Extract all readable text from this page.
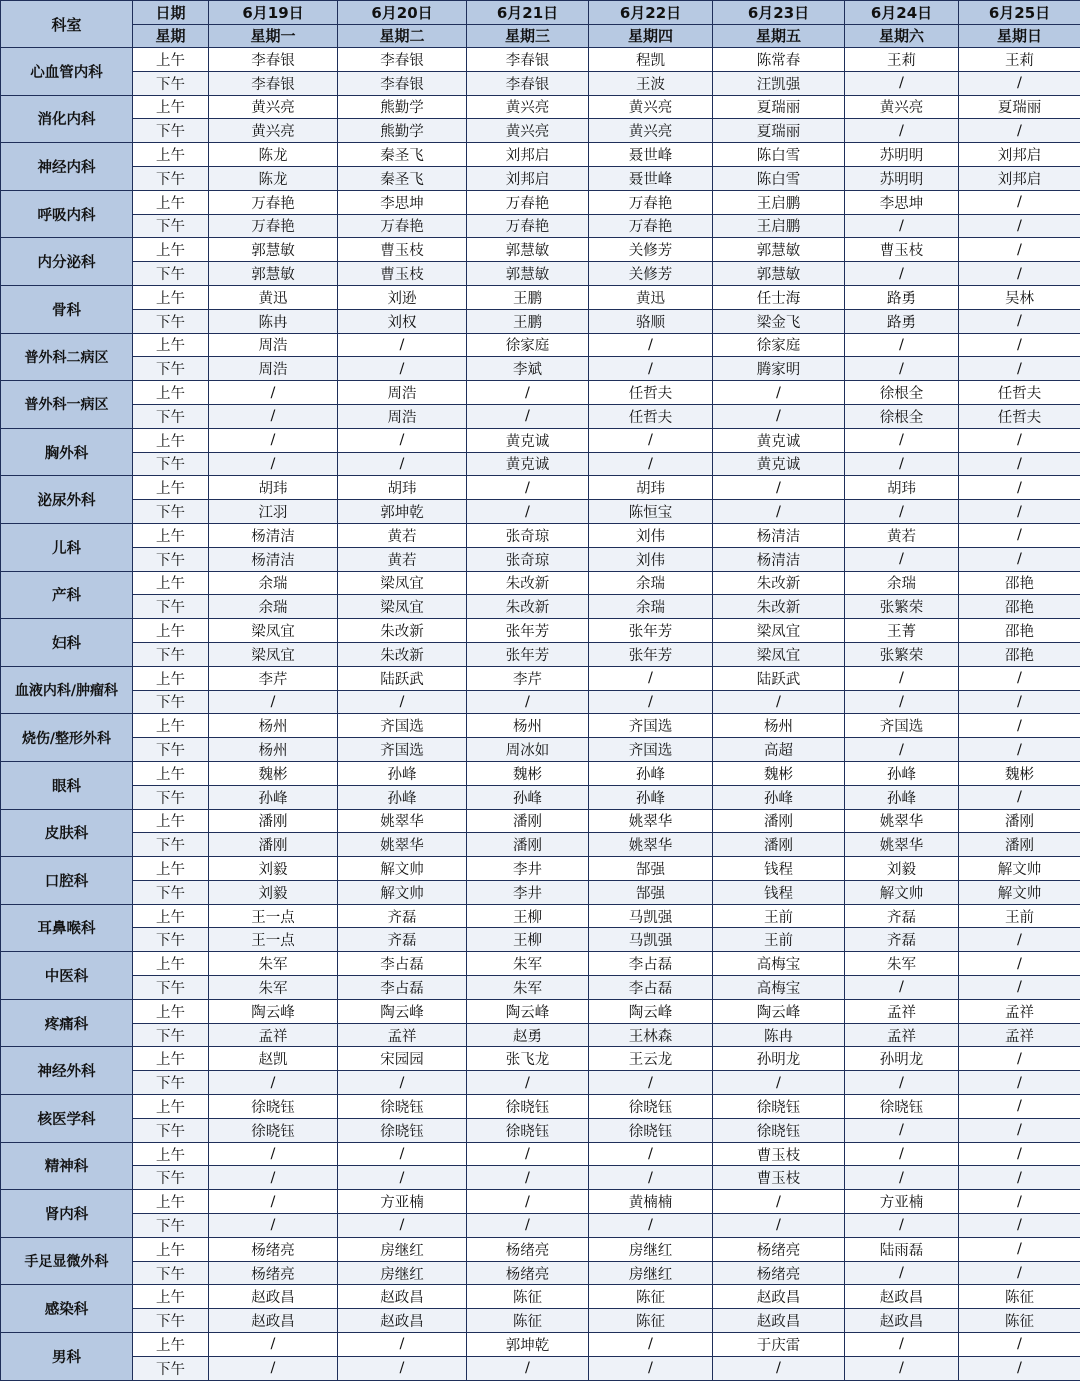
科室	日期	6月19日	6月20日	6月21日	6月22日	6月23日	6月24日	6月25日
	星期	星期一	星期二	星期三	星期四	星期五	星期六	星期日
心血管内科	上午	李春银	李春银	李春银	程凯	陈常春	王莉	王莉
	下午	李春银	李春银	李春银	王波	汪凯强	/	/
消化内科	上午	黄兴亮	熊勤学	黄兴亮	黄兴亮	夏瑞丽	黄兴亮	夏瑞丽
	下午	黄兴亮	熊勤学	黄兴亮	黄兴亮	夏瑞丽	/	/
神经内科	上午	陈龙	秦圣飞	刘邦启	聂世峰	陈白雪	苏明明	刘邦启
	下午	陈龙	秦圣飞	刘邦启	聂世峰	陈白雪	苏明明	刘邦启
呼吸内科	上午	万春艳	李思坤	万春艳	万春艳	王启鹏	李思坤	/
	下午	万春艳	万春艳	万春艳	万春艳	王启鹏	/	/
内分泌科	上午	郭慧敏	曹玉枝	郭慧敏	关修芳	郭慧敏	曹玉枝	/
	下午	郭慧敏	曹玉枝	郭慧敏	关修芳	郭慧敏	/	/
骨科	上午	黄迅	刘逊	王鹏	黄迅	任士海	路勇	吴林
	下午	陈冉	刘权	王鹏	骆顺	梁金飞	路勇	/
普外科二病区	上午	周浩	/	徐家庭	/	徐家庭	/	/
	下午	周浩	/	李斌	/	腾家明	/	/
普外科一病区	上午	/	周浩	/	任哲夫	/	徐根全	任哲夫
	下午	/	周浩	/	任哲夫	/	徐根全	任哲夫
胸外科	上午	/	/	黄克诚	/	黄克诚	/	/
	下午	/	/	黄克诚	/	黄克诚	/	/
泌尿外科	上午	胡玮	胡玮	/	胡玮	/	胡玮	/
	下午	江羽	郭坤乾	/	陈恒宝	/	/	/
儿科	上午	杨清洁	黄若	张奇琼	刘伟	杨清洁	黄若	/
	下午	杨清洁	黄若	张奇琼	刘伟	杨清洁	/	/
产科	上午	余瑞	梁凤宜	朱改新	余瑞	朱改新	余瑞	邵艳
	下午	余瑞	梁凤宜	朱改新	余瑞	朱改新	张繁荣	邵艳
妇科	上午	梁凤宜	朱改新	张年芳	张年芳	梁凤宜	王菁	邵艳
	下午	梁凤宜	朱改新	张年芳	张年芳	梁凤宜	张繁荣	邵艳
血液内科/肿瘤科	上午	李芹	陆跃武	李芹	/	陆跃武	/	/
	下午	/	/	/	/	/	/	/
烧伤/整形外科	上午	杨州	齐国选	杨州	齐国选	杨州	齐国选	/
	下午	杨州	齐国选	周冰如	齐国选	高超	/	/
眼科	上午	魏彬	孙峰	魏彬	孙峰	魏彬	孙峰	魏彬
	下午	孙峰	孙峰	孙峰	孙峰	孙峰	孙峰	/
皮肤科	上午	潘刚	姚翠华	潘刚	姚翠华	潘刚	姚翠华	潘刚
	下午	潘刚	姚翠华	潘刚	姚翠华	潘刚	姚翠华	潘刚
口腔科	上午	刘毅	解文帅	李井	郜强	钱程	刘毅	解文帅
	下午	刘毅	解文帅	李井	郜强	钱程	解文帅	解文帅
耳鼻喉科	上午	王一点	齐磊	王柳	马凯强	王前	齐磊	王前
	下午	王一点	齐磊	王柳	马凯强	王前	齐磊	/
中医科	上午	朱军	李占磊	朱军	李占磊	高梅宝	朱军	/
	下午	朱军	李占磊	朱军	李占磊	高梅宝	/	/
疼痛科	上午	陶云峰	陶云峰	陶云峰	陶云峰	陶云峰	孟祥	孟祥
	下午	孟祥	孟祥	赵勇	王林森	陈冉	孟祥	孟祥
神经外科	上午	赵凯	宋园园	张飞龙	王云龙	孙明龙	孙明龙	/
	下午	/	/	/	/	/	/	/
核医学科	上午	徐晓钰	徐晓钰	徐晓钰	徐晓钰	徐晓钰	徐晓钰	/
	下午	徐晓钰	徐晓钰	徐晓钰	徐晓钰	徐晓钰	/	/
精神科	上午	/	/	/	/	曹玉枝	/	/
	下午	/	/	/	/	曹玉枝	/	/
肾内科	上午	/	方亚楠	/	黄楠楠	/	方亚楠	/
	下午	/	/	/	/	/	/	/
手足显微外科	上午	杨绪亮	房继红	杨绪亮	房继红	杨绪亮	陆雨磊	/
	下午	杨绪亮	房继红	杨绪亮	房继红	杨绪亮	/	/
感染科	上午	赵政昌	赵政昌	陈征	陈征	赵政昌	赵政昌	陈征
	下午	赵政昌	赵政昌	陈征	陈征	赵政昌	赵政昌	陈征
男科	上午	/	/	郭坤乾	/	于庆雷	/	/
	下午	/	/	/	/	/	/	/
